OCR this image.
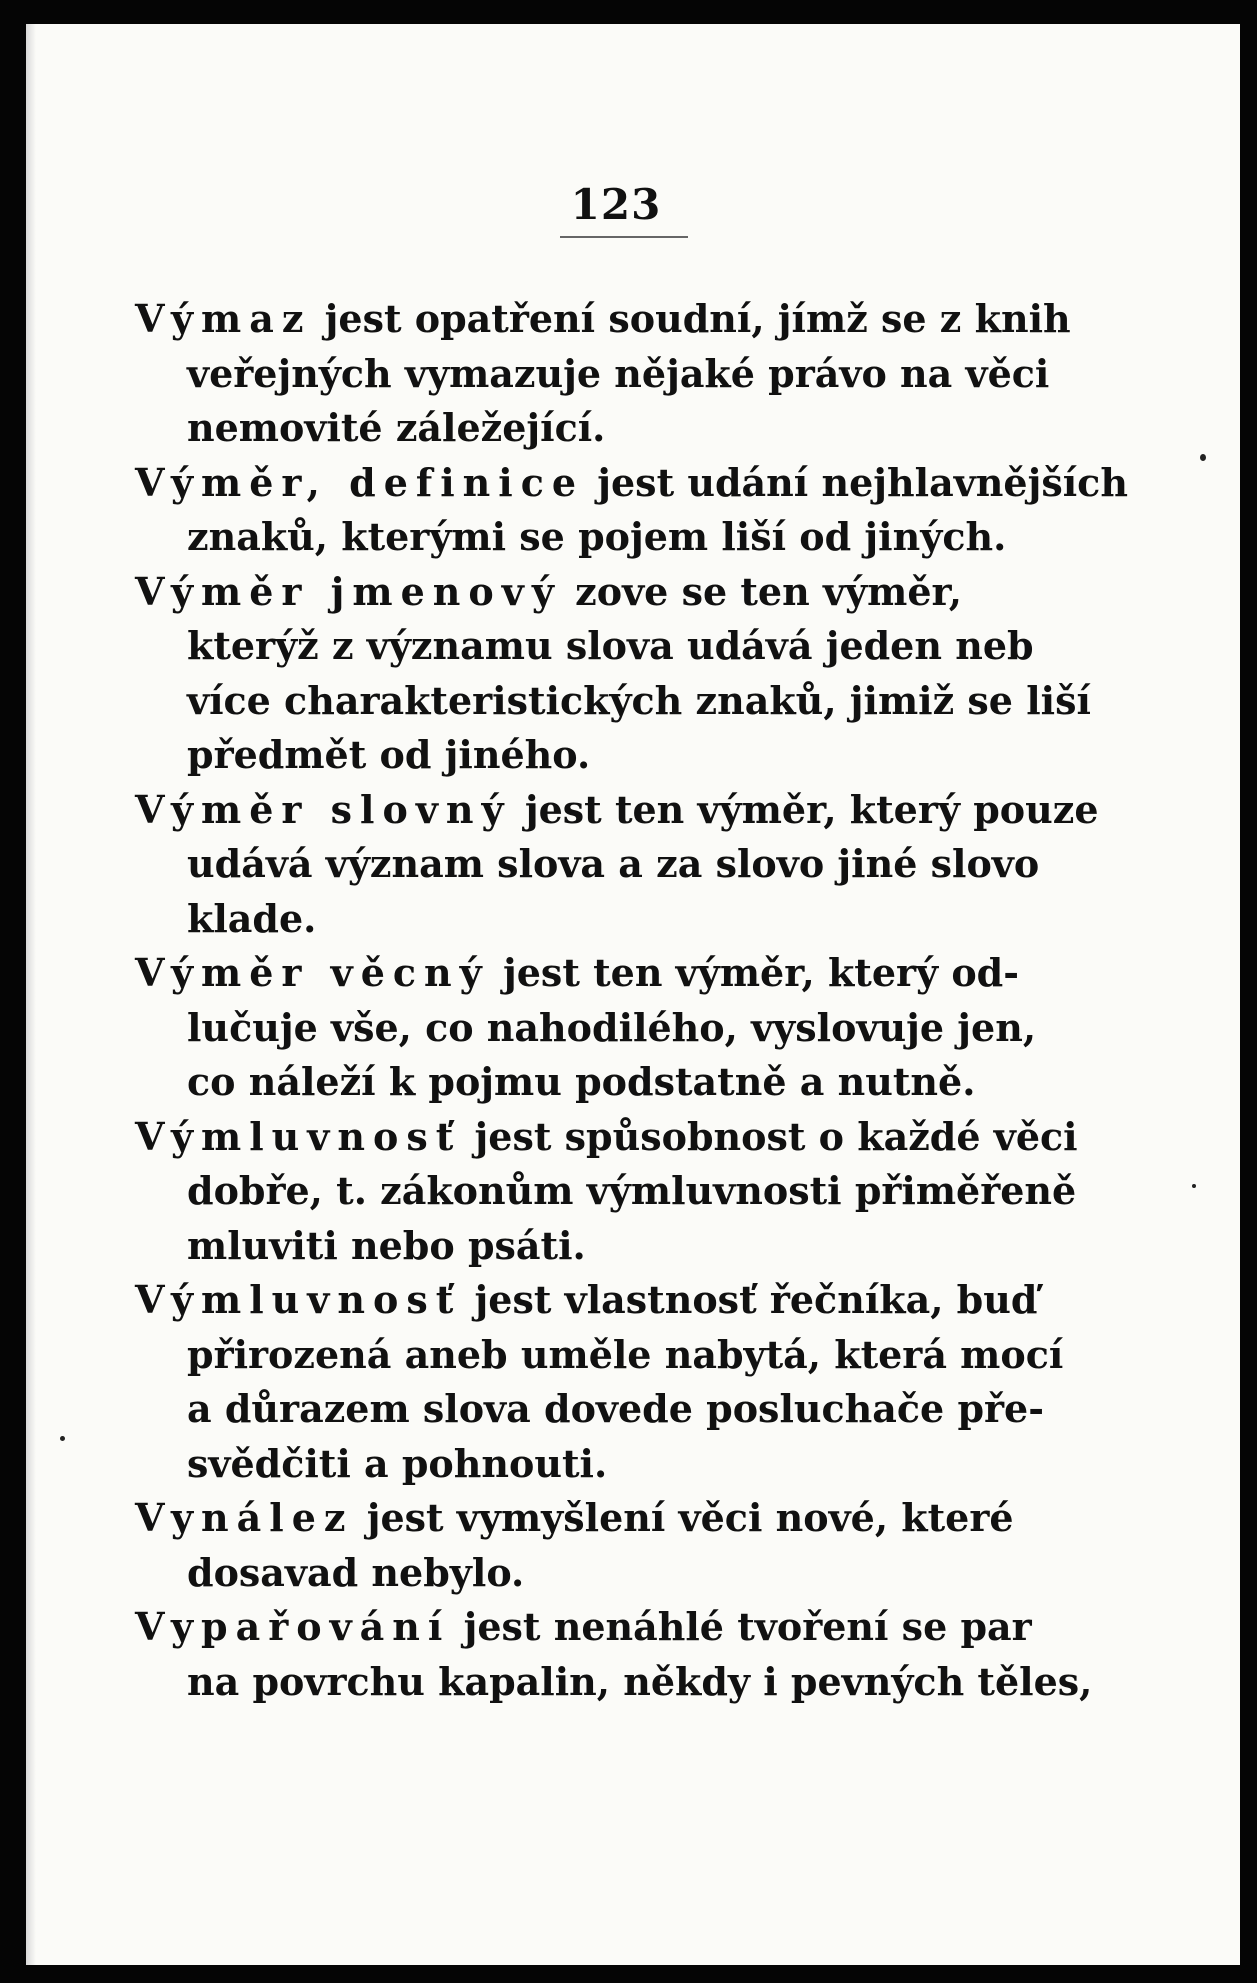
123
Výmaz jest opatření soudní, jímž se z knih
veřejných vymazuje nějaké právo na věci
nemovité záležející.
Výměr, definice jest udání nejhlavnějších
znaků, kterými se pojem liší od jiných.
Výměr jmenový zove se ten výměr,
kterýž z významu slova udává jeden neb
více charakteristických znaků, jimiž se liší
předmět od jiného.
Výměr slovný jest ten výměr, který pouze
udává význam slova a za slovo jiné slovo
klade.
Výměr věcný jest ten výměr, který od-
lučuje vše, co nahodilého, vyslovuje jen,
co náleží k pojmu podstatně a nutně.
Výmluvnosť jest spůsobnost o každé věci
dobře, t. zákonům výmluvnosti přiměřeně
mluviti nebo psáti.
Výmluvnosť jest vlastnosť řečníka, buď
přirozená aneb uměle nabytá, která mocí
a důrazem slova dovede posluchače pře-
svědčiti a pohnouti.
Vynález jest vymyšlení věci nové, které
dosavad nebylo.
Vypařování jest nenáhlé tvoření se par
na povrchu kapalin, někdy i pevných těles,
